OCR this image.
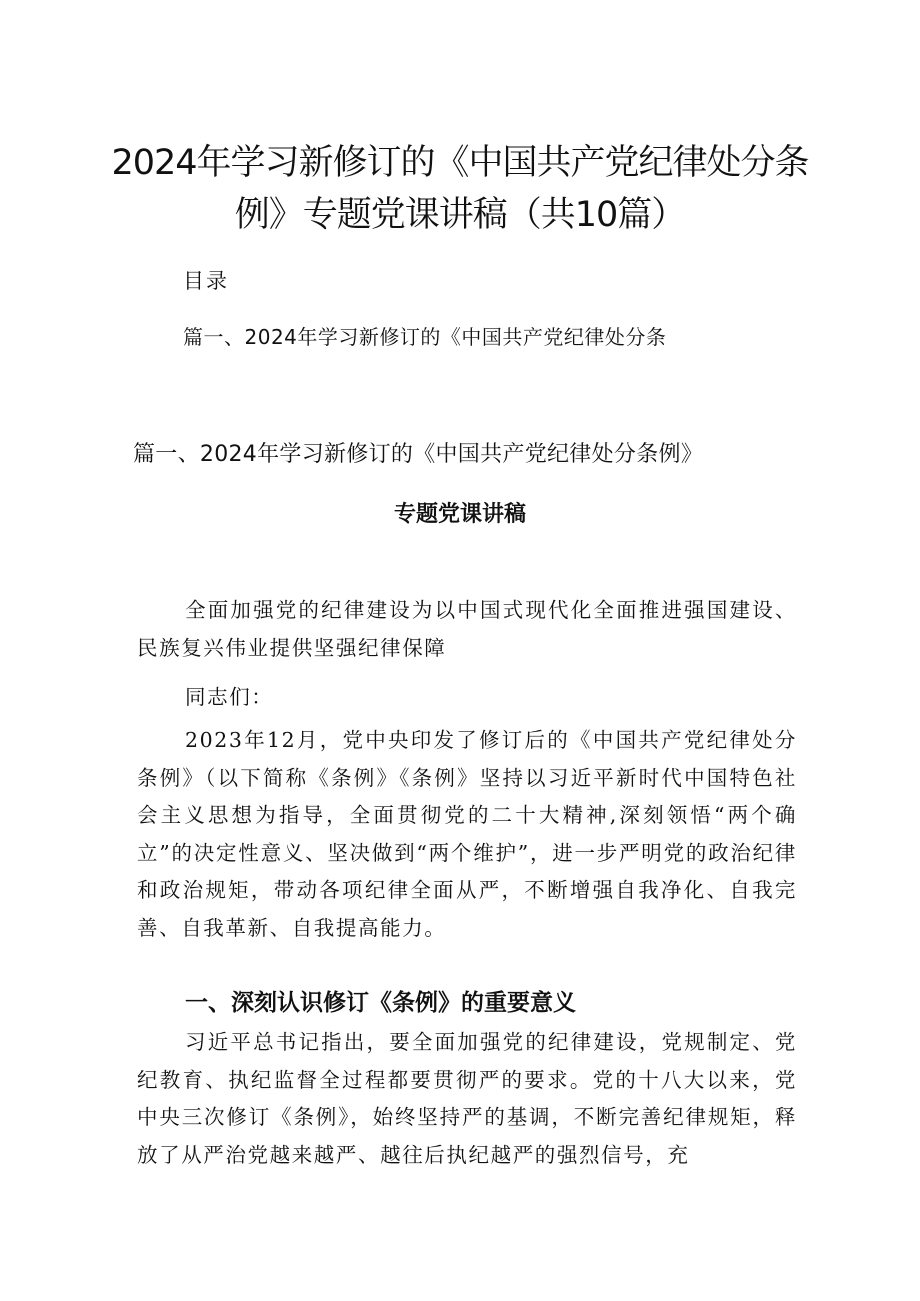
2024年学习新修订的《中国共产党纪律处分条
例》专题党课讲稿（共10篇）

目录

篇一、2024年学习新修订的《中国共产党纪律处分条

篇一、2024年学习新修订的《中国共产党纪律处分条例》
专题党课讲稿

全面加强党的纪律建设为以中国式现代化全面推进强国建设、民族复兴伟业提供坚强纪律保障

同志们：

2023年12月，党中央印发了修订后的《中国共产党纪律处分条例》（以下简称《条例》《条例》坚持以习近平新时代中国特色社会主义思想为指导，全面贯彻党的二十大精神,深刻领悟“两个确立”的决定性意义、坚决做到“两个维护”，进一步严明党的政治纪律和政治规矩，带动各项纪律全面从严，不断增强自我净化、自我完善、自我革新、自我提高能力。

一、深刻认识修订《条例》的重要意义

习近平总书记指出，要全面加强党的纪律建设，党规制定、党纪教育、执纪监督全过程都要贯彻严的要求。党的十八大以来，党中央三次修订《条例》，始终坚持严的基调，不断完善纪律规矩，释放了从严治党越来越严、越往后执纪越严的强烈信号，充
